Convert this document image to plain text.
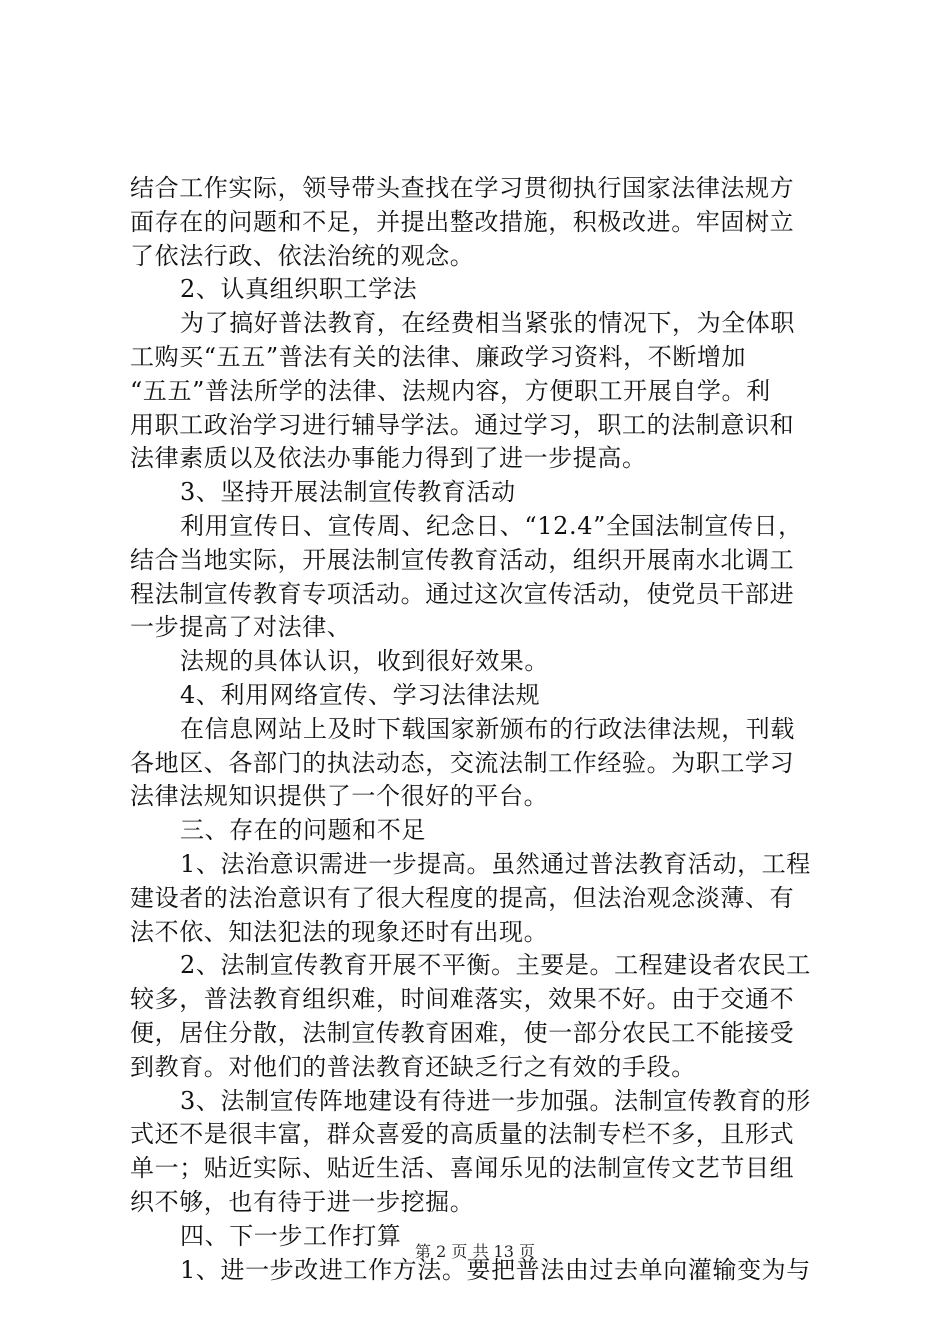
结合工作实际，领导带头查找在学习贯彻执行国家法律法规方
面存在的问题和不足，并提出整改措施，积极改进。牢固树立
了依法行政、依法治统的观念。
2、认真组织职工学法
为了搞好普法教育，在经费相当紧张的情况下，为全体职
工购买“五五”普法有关的法律、廉政学习资料，不断增加
“五五”普法所学的法律、法规内容，方便职工开展自学。利
用职工政治学习进行辅导学法。通过学习，职工的法制意识和
法律素质以及依法办事能力得到了进一步提高。
3、坚持开展法制宣传教育活动
利用宣传日、宣传周、纪念日、“12.4”全国法制宣传日，
结合当地实际，开展法制宣传教育活动，组织开展南水北调工
程法制宣传教育专项活动。通过这次宣传活动，使党员干部进
一步提高了对法律、
法规的具体认识，收到很好效果。
4、利用网络宣传、学习法律法规
在信息网站上及时下载国家新颁布的行政法律法规，刊载
各地区、各部门的执法动态，交流法制工作经验。为职工学习
法律法规知识提供了一个很好的平台。
三、存在的问题和不足
1、法治意识需进一步提高。虽然通过普法教育活动，工程
建设者的法治意识有了很大程度的提高，但法治观念淡薄、有
法不依、知法犯法的现象还时有出现。
2、法制宣传教育开展不平衡。主要是。工程建设者农民工
较多，普法教育组织难，时间难落实，效果不好。由于交通不
便，居住分散，法制宣传教育困难，使一部分农民工不能接受
到教育。对他们的普法教育还缺乏行之有效的手段。
3、法制宣传阵地建设有待进一步加强。法制宣传教育的形
式还不是很丰富，群众喜爱的高质量的法制专栏不多，且形式
单一；贴近实际、贴近生活、喜闻乐见的法制宣传文艺节目组
织不够，也有待于进一步挖掘。
四、下一步工作打算
1、进一步改进工作方法。要把普法由过去单向灌输变为与
第 2 页 共 13 页
